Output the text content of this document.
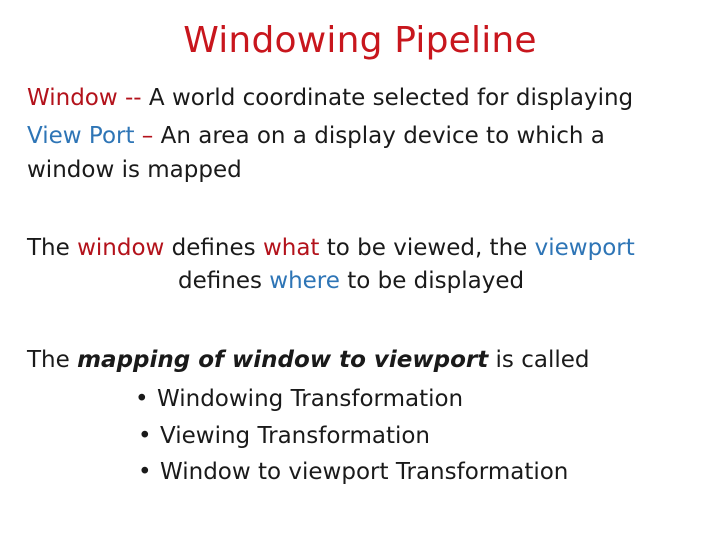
Windowing Pipeline
Window -- A world coordinate selected for displaying
View Port – An area on a display device to which a
window is mapped
The window defines what to be viewed, the viewport
defines where to be displayed
The mapping of window to viewport is called
• Windowing Transformation
• Viewing Transformation
• Window to viewport Transformation
